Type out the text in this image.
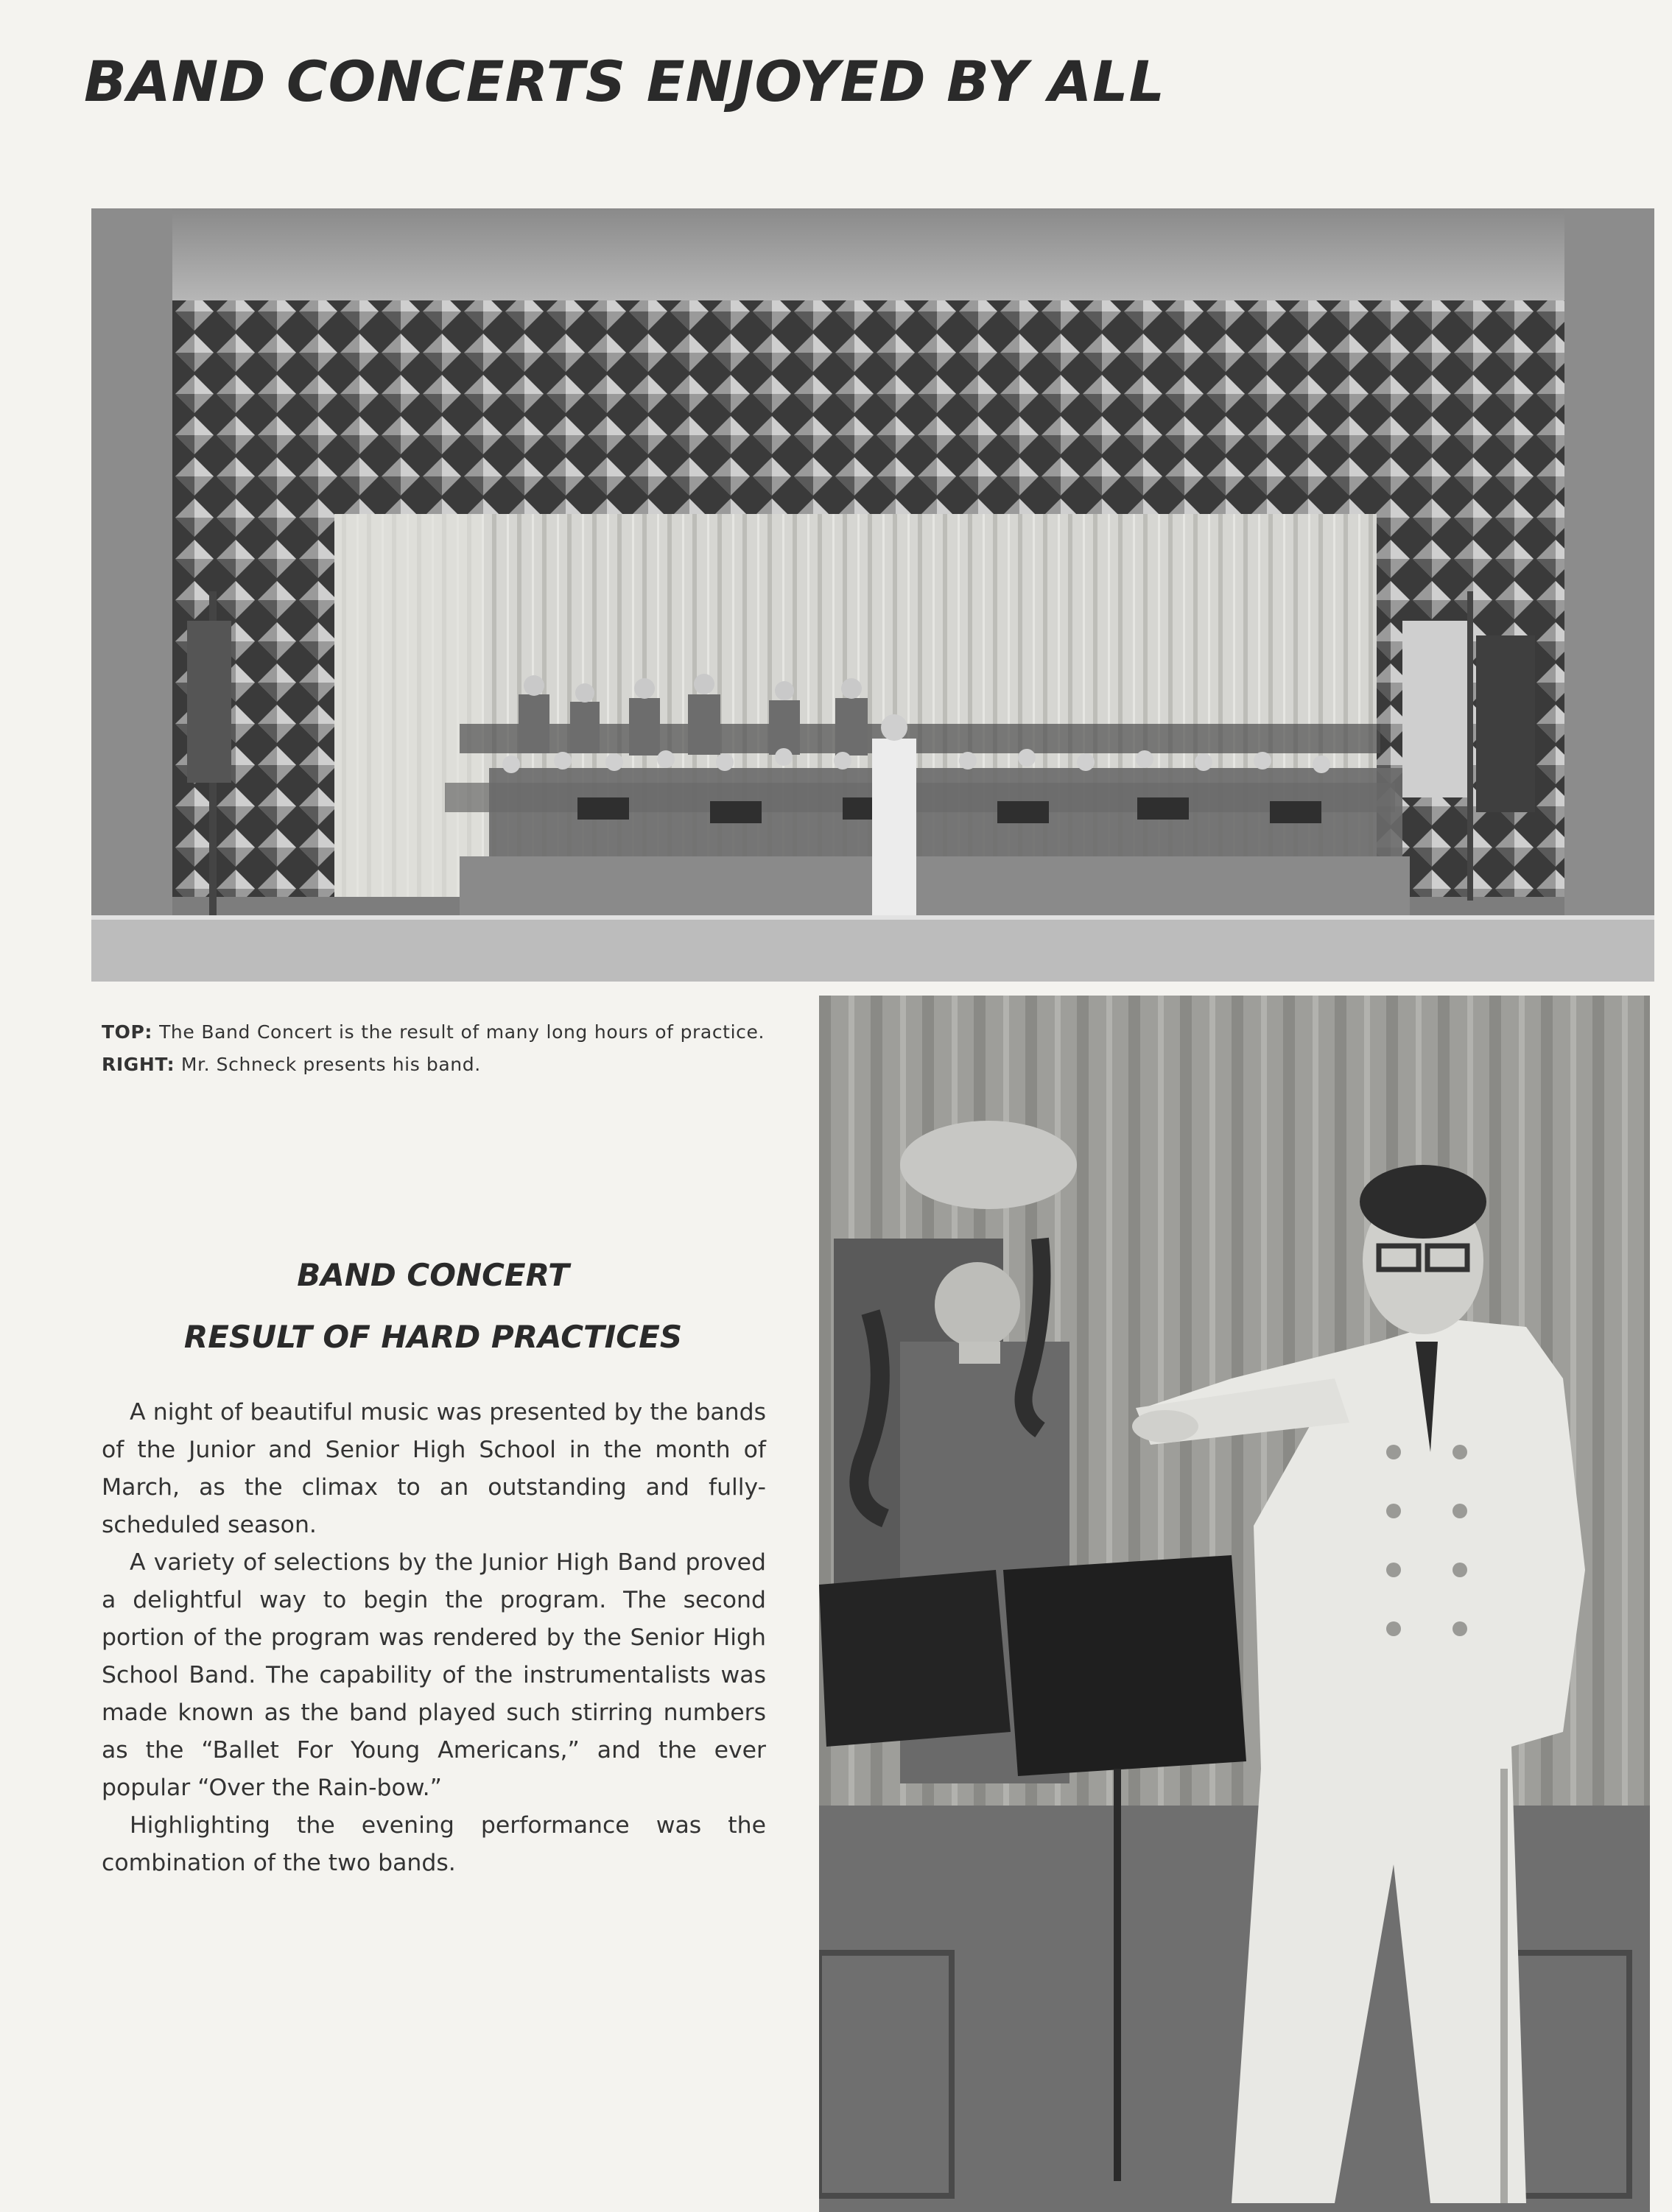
BAND CONCERTS ENJOYED BY ALL

TOP: The Band Concert is the result of many long hours of practice. RIGHT: Mr. Schneck presents his band.

BAND CONCERT
RESULT OF HARD PRACTICES

A night of beautiful music was presented by the bands of the Junior and Senior High School in the month of March, as the climax to an outstanding and fully-scheduled season.

A variety of selections by the Junior High Band proved a delightful way to begin the program. The second portion of the program was rendered by the Senior High School Band. The capability of the instrumentalists was made known as the band played such stirring numbers as the “Ballet For Young Americans,” and the ever popular “Over the Rain-bow.”

Highlighting the evening performance was the combination of the two bands.
